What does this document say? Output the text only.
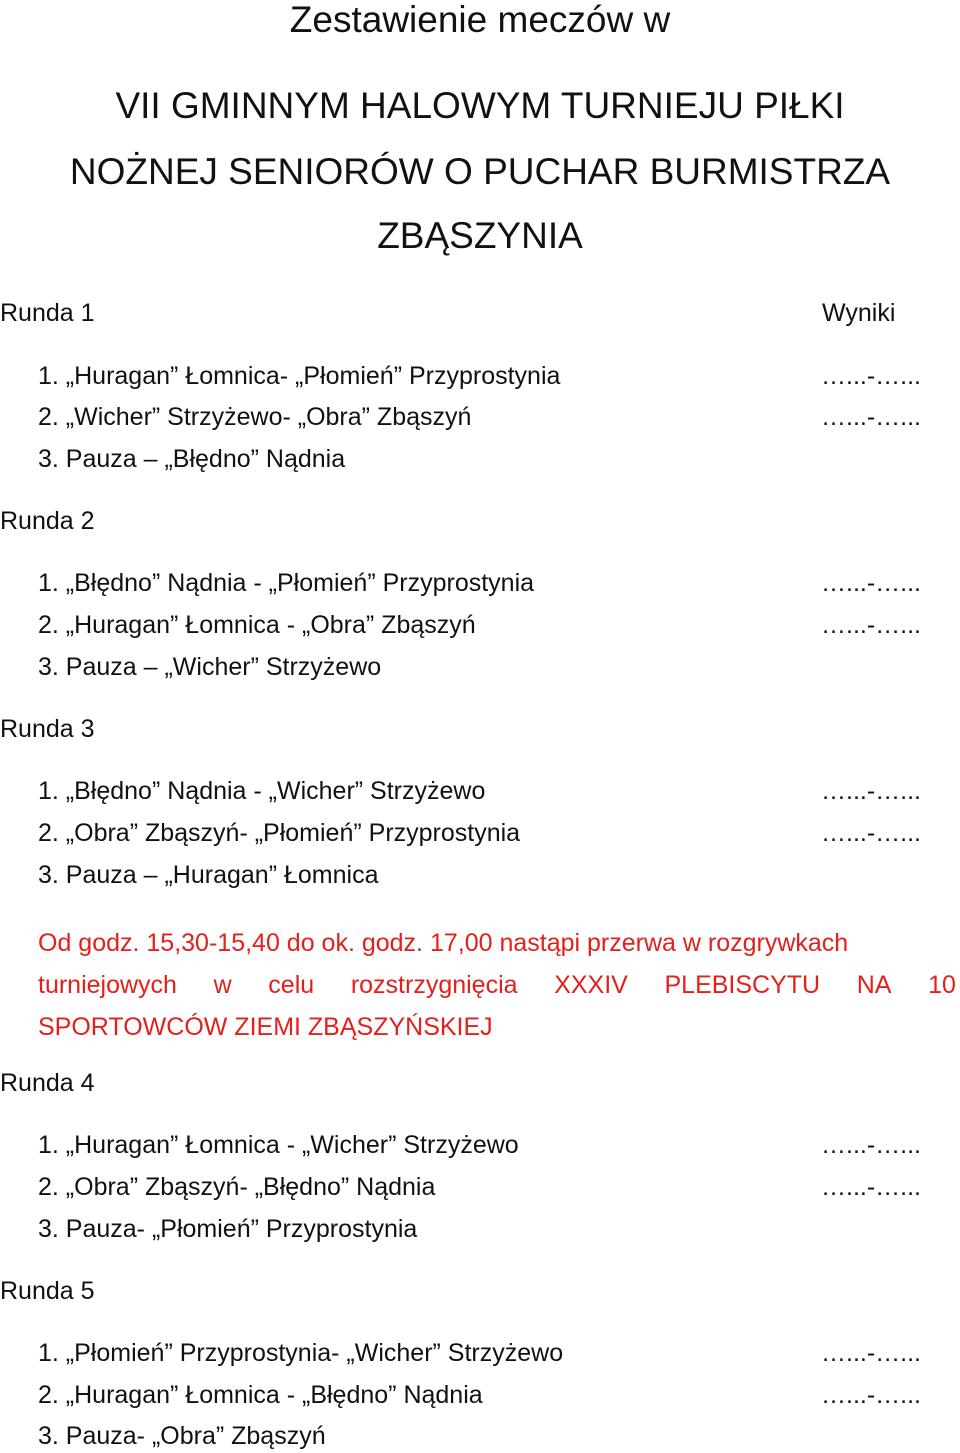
Zestawienie meczów w
VII GMINNYM HALOWYM TURNIEJU PIŁKI
NOŻNEJ SENIORÓW O PUCHAR BURMISTRZA
ZBĄSZYNIA
Runda 1	Wyniki
1. „Huragan” Łomnica- „Płomień” Przyprostynia	…...-…...
2. „Wicher” Strzyżewo- „Obra” Zbąszyń	…...-…...
3. Pauza – „Błędno” Nądnia
Runda 2
1. „Błędno” Nądnia - „Płomień” Przyprostynia	…...-…...
2. „Huragan” Łomnica - „Obra” Zbąszyń	…...-…...
3. Pauza – „Wicher” Strzyżewo
Runda 3
1. „Błędno” Nądnia - „Wicher” Strzyżewo	…...-…...
2. „Obra” Zbąszyń- „Płomień” Przyprostynia	…...-…...
3. Pauza – „Huragan” Łomnica
Od godz. 15,30-15,40 do ok. godz. 17,00 nastąpi przerwa w rozgrywkach
turniejowych w celu rozstrzygnięcia XXXIV PLEBISCYTU NA 10
SPORTOWCÓW ZIEMI ZBĄSZYŃSKIEJ
Runda 4
1. „Huragan” Łomnica - „Wicher” Strzyżewo	…...-…...
2. „Obra” Zbąszyń- „Błędno” Nądnia	…...-…...
3. Pauza- „Płomień” Przyprostynia
Runda 5
1. „Płomień” Przyprostynia- „Wicher” Strzyżewo	…...-…...
2. „Huragan” Łomnica - „Błędno” Nądnia	…...-…...
3. Pauza- „Obra” Zbąszyń
